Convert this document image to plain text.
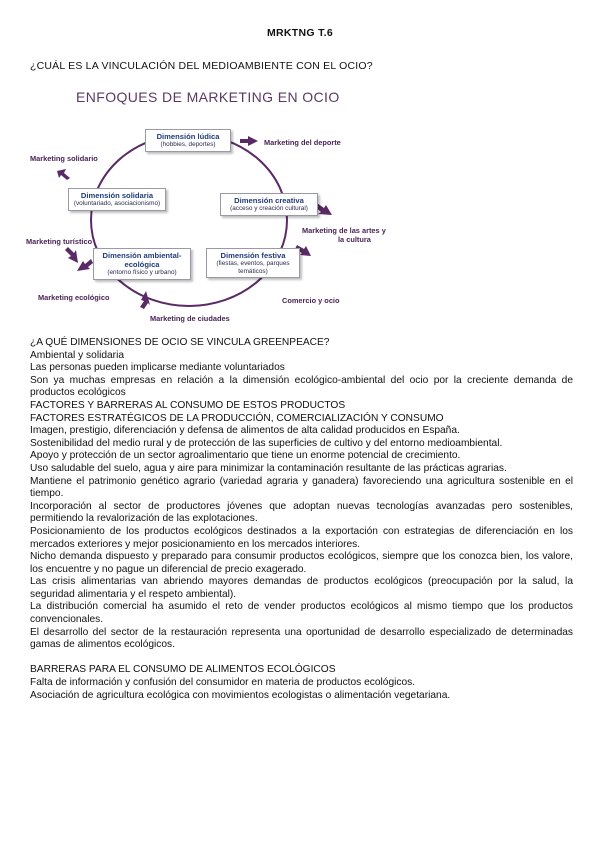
MRKTNG T.6
¿CUÁL ES LA VINCULACIÓN DEL MEDIOAMBIENTE CON EL OCIO?
ENFOQUES DE MARKETING EN OCIO
Dimensión lúdica
(hobbies, deportes)
Dimensión solidaria
(voluntariado, asociacionismo)	Dimensión creativa
(acceso y creación cultural)
Dimensión ambiental-ecológica
(entorno físico y urbano)
Dimensión festiva
(fiestas, eventos, parques temáticos)
Marketing del deporte
Marketing de las artes y
la cultura
Comercio y ocio
Marketing de ciudades
Marketing ecológico
Marketing turístico
Marketing solidario

¿A QUÉ DIMENSIONES DE OCIO SE VINCULA GREENPEACE?

Ambiental y solidaria

Las personas pueden implicarse mediante voluntariados

Son ya muchas empresas en relación a la dimensión ecológico-ambiental del ocio por la creciente demanda de productos ecológicos

FACTORES Y BARRERAS AL CONSUMO DE ESTOS PRODUCTOS

FACTORES ESTRATÉGICOS DE LA PRODUCCIÓN, COMERCIALIZACIÓN Y CONSUMO

Imagen, prestigio, diferenciación y defensa de alimentos de alta calidad producidos en España.

Sostenibilidad del medio rural y de protección de las superficies de cultivo y del entorno medioambiental.

Apoyo y protección de un sector agroalimentario que tiene un enorme potencial de crecimiento.

Uso saludable del suelo, agua y aire para minimizar la contaminación resultante de las prácticas agrarias.

Mantiene el patrimonio genético agrario (variedad agraria y ganadera) favoreciendo una agricultura sostenible en el tiempo.

Incorporación al sector de productores jóvenes que adoptan nuevas tecnologías avanzadas pero sostenibles, permitiendo la revalorización de las explotaciones.

Posicionamiento de los productos ecológicos destinados a la exportación con estrategias de diferenciación en los mercados exteriores y mejor posicionamiento en los mercados interiores.

Nicho demanda dispuesto y preparado para consumir productos ecológicos, siempre que los conozca bien, los valore, los encuentre y no pague un diferencial de precio exagerado.

Las crisis alimentarias van abriendo mayores demandas de productos ecológicos (preocupación por la salud, la seguridad alimentaria y el respeto ambiental).

La distribución comercial ha asumido el reto de vender productos ecológicos al mismo tiempo que los productos convencionales.

El desarrollo del sector de la restauración representa una oportunidad de desarrollo especializado de determinadas gamas de alimentos ecológicos.

BARRERAS PARA EL CONSUMO DE ALIMENTOS ECOLÓGICOS

Falta de información y confusión del consumidor en materia de productos ecológicos.

Asociación de agricultura ecológica con movimientos ecologistas o alimentación vegetariana.
